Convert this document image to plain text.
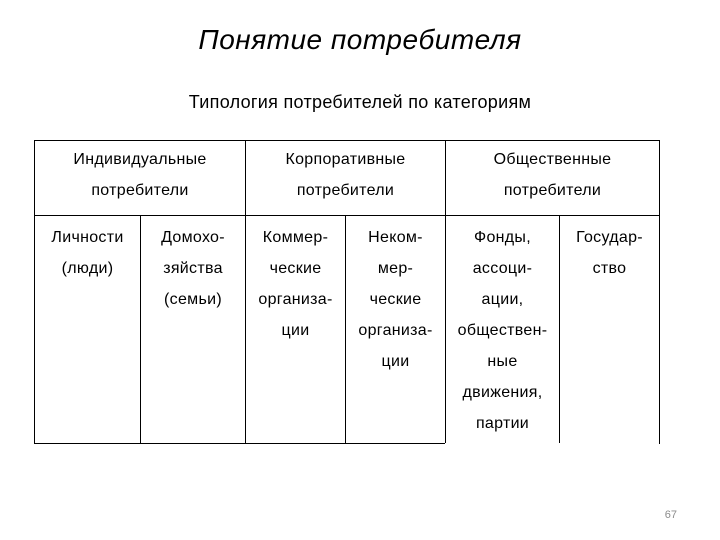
Понятие потребителя
Типология потребителей по категориям
Индивидуальные
потребители
Корпоративные
потребители
Общественные
потребители
Личности
(люди)
Домохо-
зяйства
(семьи)
Коммер-
ческие
организа-
ции
Неком-
мер-
ческие
организа-
ции
Фонды,
ассоци-
ации,
обществен-
ные
движения,
партии
Государ-
ство
67
